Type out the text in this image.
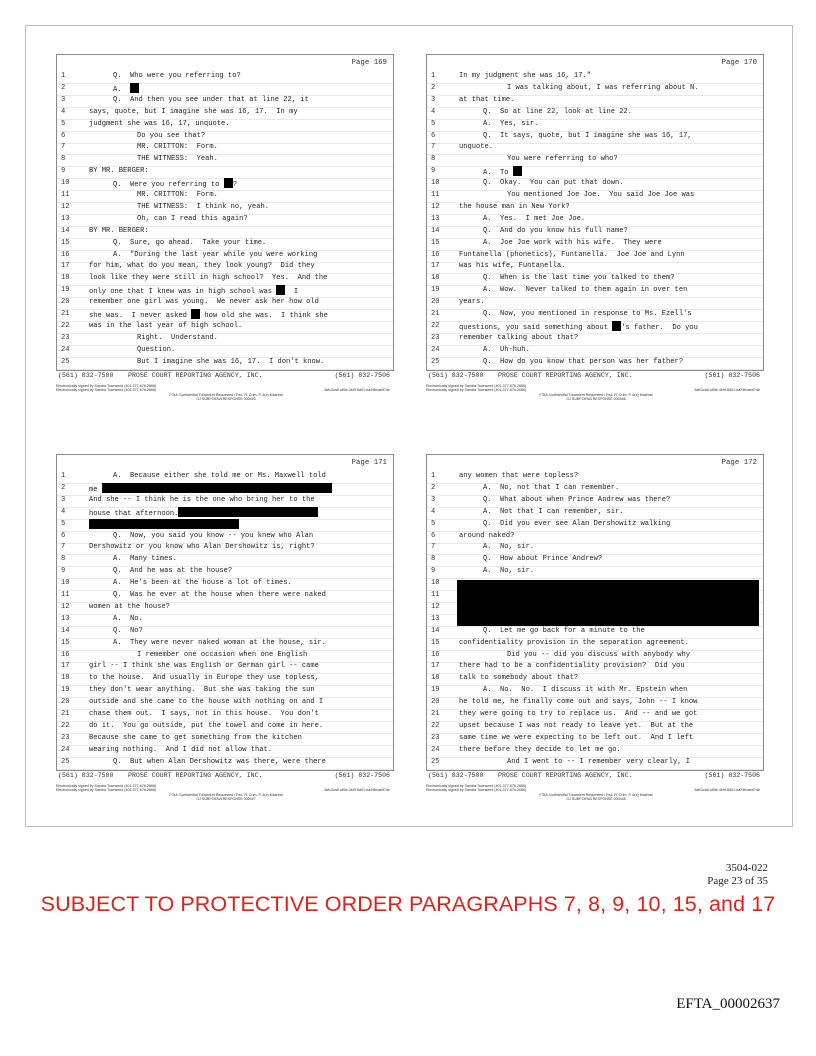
Page 169
1	Q.  Who were you referring to?
2	A.
3	Q.  And then you see under that at line 22, it
4	says, quote, but I imagine she was 16, 17.  In my
5	judgment she was 16, 17, unquote.
6	Do you see that?
7	MR. CRITTON:  Form.
8	THE WITNESS:  Yeah.
9	BY MR. BERGER:
10	Q.  Were you referring to ?
11	MR. CRITTON:  Form.
12	THE WITNESS:  I think no, yeah.
13	Oh, can I read this again?
14	BY MR. BERGER:
15	Q.  Sure, go ahead.  Take your time.
16	A.  "During the last year while you were working
17	for him, what do you mean, they look young?  Did they
18	look like they were still in high school?  Yes.  And the
19	only one that I knew was in high school was   I
20	remember one girl was young.  We never ask her how old
21	she was.  I never asked  how old she was.  I think she
22	was in the last year of high school.
23	Right.  Understand.
24	Question.
25	But I imagine she was 16, 17.  I don't know.
(561) 832-7500 PROSE COURT REPORTING AGENCY, INC.	(561) 832-7506
Electronically signed by Sandra Townsend (401-377-676-2666)
Electronically signed by Sandra Townsend (401-377-676-2666)	3afc3ca8-c89e-4b9f-8d01-ba29bcae87de
FOIA Confidential Treatment Requested / Fed. R. Crim. P. 6(e) Material
GJ SUBPOENA RESPONSE 000445
Page 170
1	In my judgment she was 16, 17."
2	I was talking about, I was referring about N.
3	at that time.
4	Q.  So at line 22, look at line 22.
5	A.  Yes, sir.
6	Q.  It says, quote, but I imagine she was 16, 17,
7	unquote.
8	You were referring to who?
9	A.  To
10	Q.  Okay.  You can put that down.
11	You mentioned Joe Joe.  You said Joe Joe was
12	the house man in New York?
13	A.  Yes.  I met Joe Joe.
14	Q.  And do you know his full name?
15	A.  Joe Joe work with his wife.  They were
16	Funtanella (phonetics), Funtanella.  Joe Joe and Lynn
17	was his wife, Funtanella.
18	Q.  When is the last time you talked to them?
19	A.  Wow.  Never talked to them again in over ten
20	years.
21	Q.  Now, you mentioned in response to Ms. Ezell's
22	questions, you said something about 's father.  Do you
23	remember talking about that?
24	A.  Uh-huh.
25	Q.  How do you know that person was her father?
(561) 832-7500 PROSE COURT REPORTING AGENCY, INC.	(561) 832-7506
Electronically signed by Sandra Townsend (401-377-676-2666)
Electronically signed by Sandra Townsend (401-377-676-2666)	3afc3ca8-c89e-4b9f-8d01-ba29bcae87de
FOIA Confidential Treatment Requested / Fed. R. Crim. P. 6(e) Material
GJ SUBPOENA RESPONSE 000446
Page 171
1	A.  Because either she told me or Ms. Maxwell told
2	me
3	And she -- I think he is the one who bring her to the
4	house that afternoon.
5
6	Q.  Now, you said you know -- you knew who Alan
7	Dershowitz or you know who Alan Dershowitz is, right?
8	A.  Many times.
9	Q.  And he was at the house?
10	A.  He's been at the house a lot of times.
11	Q.  Was he ever at the house when there were naked
12	women at the house?
13	A.  No.
14	Q.  No?
15	A.  They were never naked woman at the house, sir.
16	I remember one occasion when one English
17	girl -- I think she was English or German girl -- came
18	to the house.  And usually in Europe they use topless,
19	they don't wear anything.  But she was taking the sun
20	outside and she came to the house with nothing on and I
21	chase them out.  I says, not in this house.  You don't
22	do it.  You go outside, put the towel and come in here.
23	Because she came to get something from the kitchen
24	wearing nothing.  And I did not allow that.
25	Q.  But when Alan Dershowitz was there, were there
(561) 832-7500 PROSE COURT REPORTING AGENCY, INC.	(561) 832-7506
Electronically signed by Sandra Townsend (401-377-676-2666)
Electronically signed by Sandra Townsend (401-377-676-2666)	3afc3ca8-c89e-4b9f-8d01-ba29bcae87de
FOIA Confidential Treatment Requested / Fed. R. Crim. P. 6(e) Material
GJ SUBPOENA RESPONSE 000447
Page 172
1	any women that were topless?
2	A.  No, not that I can remember.
3	Q.  What about when Prince Andrew was there?
4	A.  Not that I can remember, sir.
5	Q.  Did you ever see Alan Dershowitz walking
6	around naked?
7	A.  No, sir.
8	Q.  How about Prince Andrew?
9	A.  No, sir.
10
11
12
13
14	Q.  Let me go back for a minute to the
15	confidentiality provision in the separation agreement.
16	Did you -- did you discuss with anybody why
17	there had to be a confidentiality provision?  Did you
18	talk to somebody about that?
19	A.  No.  No.  I discuss it with Mr. Epstein when
20	he told me, he finally come out and says, John -- I know
21	they were going to try to replace us.  And -- and we got
22	upset because I was not ready to leave yet.  But at the
23	same time we were expecting to be left out.  And I left
24	there before they decide to let me go.
25	And I went to -- I remember very clearly, I
(561) 832-7500 PROSE COURT REPORTING AGENCY, INC.	(561) 832-7506
Electronically signed by Sandra Townsend (401-377-676-2666)
Electronically signed by Sandra Townsend (401-377-676-2666)	3afc3ca8-c89e-4b9f-8d01-ba29bcae87de
FOIA Confidential Treatment Requested / Fed. R. Crim. P. 6(e) Material
GJ SUBPOENA RESPONSE 000448
3504-022
Page 23 of 35
SUBJECT TO PROTECTIVE ORDER PARAGRAPHS 7, 8, 9, 10, 15, and 17
EFTA_00002637
